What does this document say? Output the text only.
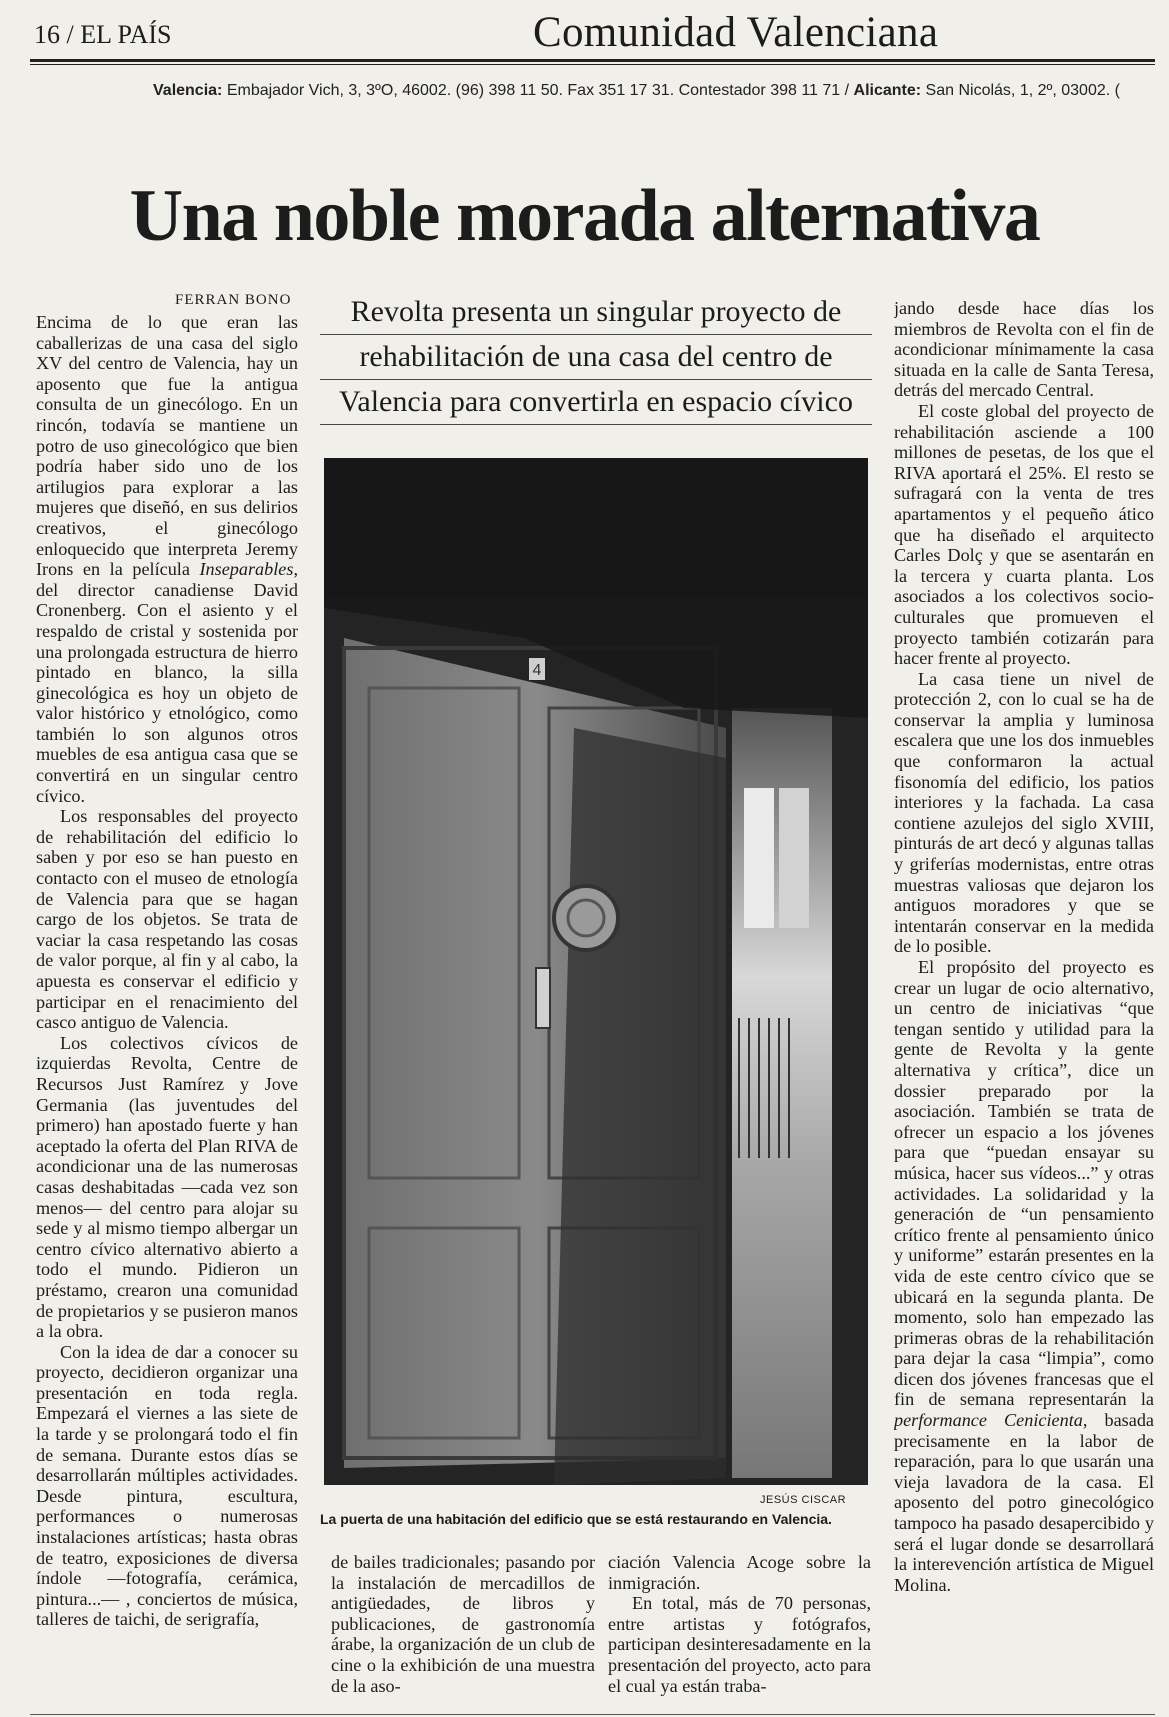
16 / EL PAÍS	Comunidad Valenciana
Valencia: Embajador Vich, 3, 3ºO, 46002. (96) 398 11 50. Fax 351 17 31. Contestador 398 11 71 / Alicante: San Nicolás, 1, 2º, 03002. (
Una noble morada alternativa
FERRAN BONO

Encima de lo que eran las caballerizas de una casa del siglo XV del centro de Valencia, hay un aposento que fue la antigua consulta de un ginecólogo. En un rincón, todavía se mantiene un potro de uso ginecológico que bien podría haber sido uno de los artilugios para explorar a las mujeres que diseñó, en sus delirios creativos, el ginecólogo enloquecido que interpreta Jeremy Irons en la película Inseparables, del director canadiense David Cronenberg. Con el asiento y el respaldo de cristal y sostenida por una prolongada estructura de hierro pintado en blanco, la silla ginecológica es hoy un objeto de valor histórico y etnológico, como también lo son algunos otros muebles de esa antigua casa que se convertirá en un singular centro cívico.

Los responsables del proyecto de rehabilitación del edificio lo saben y por eso se han puesto en contacto con el museo de etnología de Valencia para que se hagan cargo de los objetos. Se trata de vaciar la casa respetando las cosas de valor porque, al fin y al cabo, la apuesta es conservar el edificio y participar en el renacimiento del casco antiguo de Valencia.

Los colectivos cívicos de izquierdas Revolta, Centre de Recursos Just Ramírez y Jove Germania (las juventudes del primero) han apostado fuerte y han aceptado la oferta del Plan RIVA de acondicionar una de las numerosas casas deshabitadas —cada vez son menos— del centro para alojar su sede y al mismo tiempo albergar un centro cívico alternativo abierto a todo el mundo. Pidieron un préstamo, crearon una comunidad de propietarios y se pusieron manos a la obra.

Con la idea de dar a conocer su proyecto, decidieron organizar una presentación en toda regla. Empezará el viernes a las siete de la tarde y se prolongará todo el fin de semana. Durante estos días se desarrollarán múltiples actividades. Desde pintura, escultura, performances o numerosas instalaciones artísticas; hasta obras de teatro, exposiciones de diversa índole —fotografía, cerámica, pintura...— , conciertos de música, talleres de taichi, de serigrafía,

Revolta presenta un singular proyecto de
rehabilitación de una casa del centro de
Valencia para convertirla en espacio cívico
4
JESÚS CISCAR
La puerta de una habitación del edificio que se está restaurando en Valencia.

de bailes tradicionales; pasando por la instalación de mercadillos de antigüedades, de libros y publicaciones, de gastronomía árabe, la organización de un club de cine o la exhibición de una muestra de la aso-

ciación Valencia Acoge sobre la inmigración.

En total, más de 70 personas, entre artistas y fotógrafos, participan desinteresadamente en la presentación del proyecto, acto para el cual ya están traba-

jando desde hace días los miembros de Revolta con el fin de acondicionar mínimamente la casa situada en la calle de Santa Teresa, detrás del mercado Central.

El coste global del proyecto de rehabilitación asciende a 100 millones de pesetas, de los que el RIVA aportará el 25%. El resto se sufragará con la venta de tres apartamentos y el pequeño ático que ha diseñado el arquitecto Carles Dolç y que se asentarán en la tercera y cuarta planta. Los asociados a los colectivos socio-culturales que promueven el proyecto también cotizarán para hacer frente al proyecto.

La casa tiene un nivel de protección 2, con lo cual se ha de conservar la amplia y luminosa escalera que une los dos inmuebles que conformaron la actual fisonomía del edificio, los patios interiores y la fachada. La casa contiene azulejos del siglo XVIII, pinturás de art decó y algunas tallas y griferías modernistas, entre otras muestras valiosas que dejaron los antiguos moradores y que se intentarán conservar en la medida de lo posible.

El propósito del proyecto es crear un lugar de ocio alternativo, un centro de iniciativas “que tengan sentido y utilidad para la gente de Revolta y la gente alternativa y crítica”, dice un dossier preparado por la asociación. También se trata de ofrecer un espacio a los jóvenes para que “puedan ensayar su música, hacer sus vídeos...” y otras actividades. La solidaridad y la generación de “un pensamiento crítico frente al pensamiento único y uniforme” estarán presentes en la vida de este centro cívico que se ubicará en la segunda planta. De momento, solo han empezado las primeras obras de la rehabilitación para dejar la casa “limpia”, como dicen dos jóvenes francesas que el fin de semana representarán la performance Cenicienta, basada precisamente en la labor de reparación, para lo que usarán una vieja lavadora de la casa. El aposento del potro ginecológico tampoco ha pasado desapercibido y será el lugar donde se desarrollará la interevención artística de Miguel Molina.
